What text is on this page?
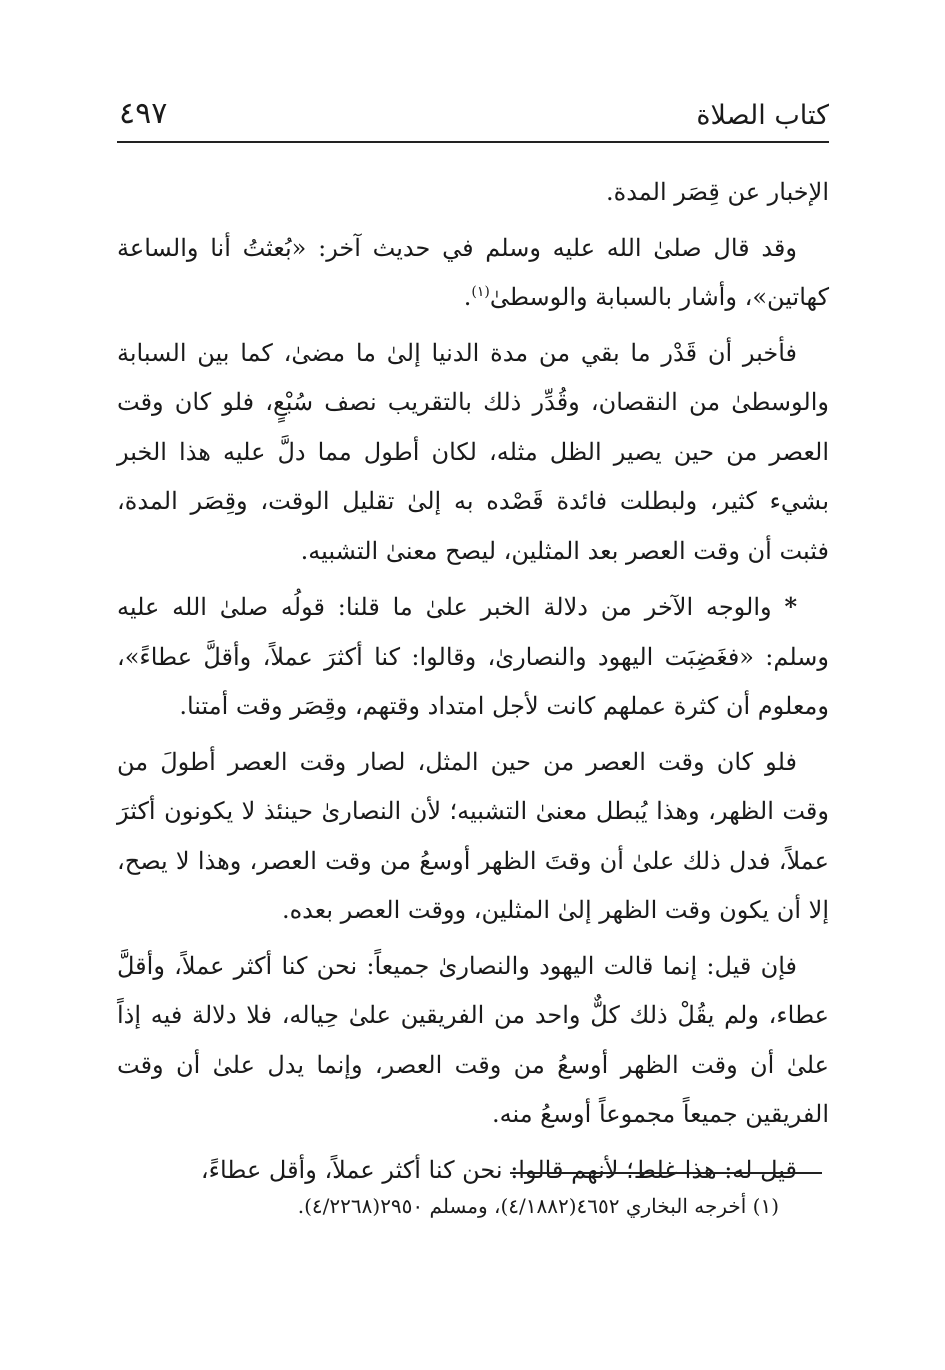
كتاب الصلاة
٤٩٧

الإخبار عن قِصَر المدة.

وقد قال صلىٰ الله عليه وسلم في حديث آخر: «بُعثتُ أنا والساعة كهاتين»، وأشار بالسبابة والوسطىٰ$^{(١)}$.

فأخبر أن قَدْر ما بقي من مدة الدنيا إلىٰ ما مضىٰ، كما بين السبابة والوسطىٰ من النقصان، وقُدِّر ذلك بالتقريب نصف سُبْعٍ، فلو كان وقت العصر من حين يصير الظل مثله، لكان أطول مما دلَّ عليه هذا الخبر بشيء كثير، ولبطلت فائدة قَصْده به إلىٰ تقليل الوقت، وقِصَر المدة، فثبت أن وقت العصر بعد المثلين، ليصح معنىٰ التشبيه.

* والوجه الآخر من دلالة الخبر علىٰ ما قلنا: قولُه صلىٰ الله عليه وسلم: «فغَضِبَت اليهود والنصارىٰ، وقالوا: كنا أكثرَ عملاً، وأقلَّ عطاءً»، ومعلوم أن كثرة عملهم كانت لأجل امتداد وقتهم، وقِصَر وقت أمتنا.

فلو كان وقت العصر من حين المثل، لصار وقت العصر أطولَ من وقت الظهر، وهذا يُبطل معنىٰ التشبيه؛ لأن النصارىٰ حينئذ لا يكونون أكثرَ عملاً، فدل ذلك علىٰ أن وقتَ الظهر أوسعُ من وقت العصر، وهذا لا يصح، إلا أن يكون وقت الظهر إلىٰ المثلين، ووقت العصر بعده.

فإن قيل: إنما قالت اليهود والنصارىٰ جميعاً: نحن كنا أكثر عملاً، وأقلَّ عطاء، ولم يقُلْ ذلك كلٌّ واحد من الفريقين علىٰ حِياله، فلا دلالة فيه إذاً علىٰ أن وقت الظهر أوسعُ من وقت العصر، وإنما يدل علىٰ أن وقت الفريقين جميعاً مجموعاً أوسعُ منه.

قيل له: هذا غلط؛ لأنهم قالوا: نحن كنا أكثر عملاً، وأقل عطاءً،

(١) أخرجه البخاري ٤٦٥٢(٤/١٨٨٢)، ومسلم ٢٩٥٠(٤/٢٢٦٨).
